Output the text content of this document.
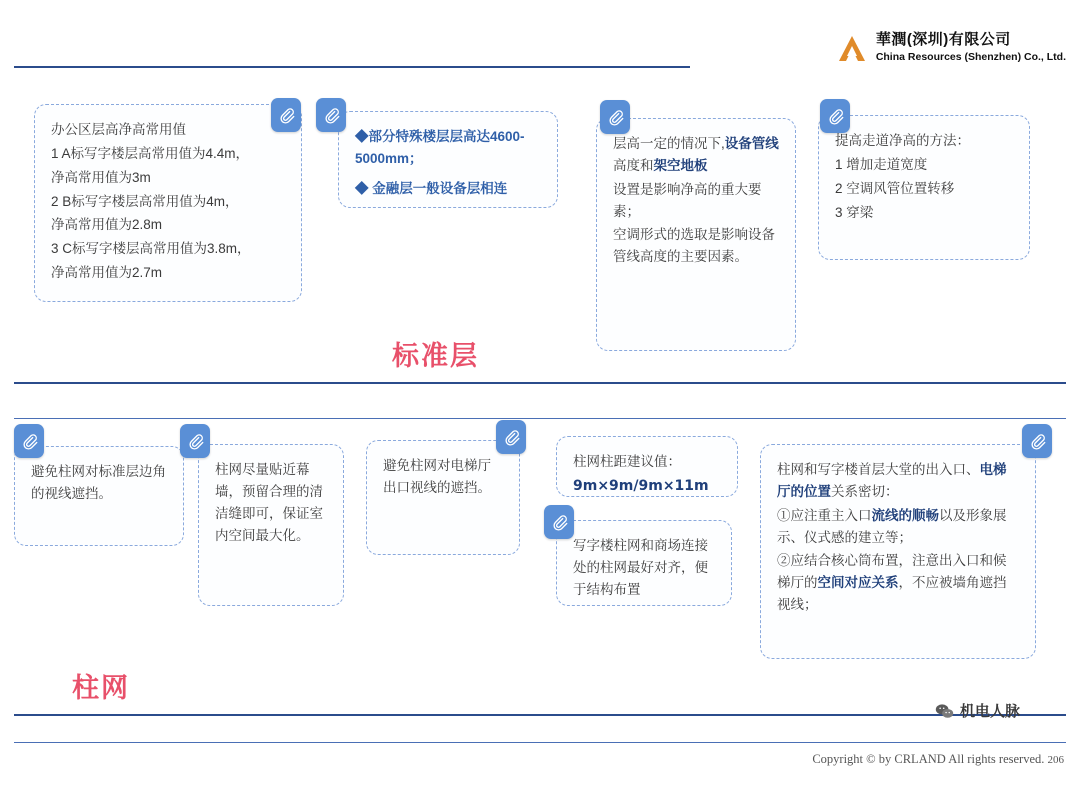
華潤(深圳)有限公司
China Resources (Shenzhen) Co., Ltd.

办公区层高净高常用值

1 A标写字楼层高常用值为4.4m，

净高常用值为3m

2 B标写字楼层高常用值为4m，

净高常用值为2.8m

3 C标写字楼层高常用值为3.8m，

净高常用值为2.7m

◆部分特殊楼层层高达4600-5000mm；

◆ 金融层一般设备层相连

层高一定的情况下,设备管线高度和架空地板

设置是影响净高的重大要素；

空调形式的选取是影响设备管线高度的主要因素。

提高走道净高的方法：

1 增加走道宽度

2 空调风管位置转移

3 穿梁

标准层

避免柱网对标准层边角的视线遮挡。

柱网尽量贴近幕墙，预留合理的清洁缝即可，保证室内空间最大化。

避免柱网对电梯厅出口视线的遮挡。

柱网柱距建议值：

9m×9m/9m×11m

写字楼柱网和商场连接处的柱网最好对齐，便于结构布置

柱网和写字楼首层大堂的出入口、电梯厅的位置关系密切：

①应注重主入口流线的顺畅以及形象展示、仪式感的建立等；

②应结合核心筒布置，注意出入口和候梯厅的空间对应关系，不应被墙角遮挡视线；

柱网
机电人脉
Copyright © by CRLAND All rights reserved. 206
